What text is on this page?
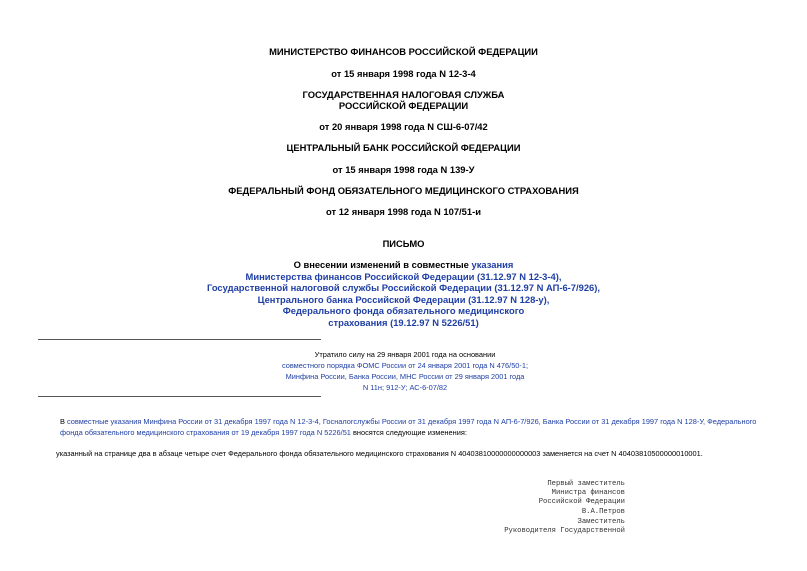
МИНИСТЕРСТВО ФИНАНСОВ РОССИЙСКОЙ ФЕДЕРАЦИИ
от 15 января 1998 года N 12-3-4
ГОСУДАРСТВЕННАЯ НАЛОГОВАЯ СЛУЖБА
РОССИЙСКОЙ ФЕДЕРАЦИИ
от 20 января 1998 года N СШ-6-07/42
ЦЕНТРАЛЬНЫЙ БАНК РОССИЙСКОЙ ФЕДЕРАЦИИ
от 15 января 1998 года N 139-У
ФЕДЕРАЛЬНЫЙ ФОНД ОБЯЗАТЕЛЬНОГО МЕДИЦИНСКОГО СТРАХОВАНИЯ
от 12 января 1998 года N 107/51-и
ПИСЬМО
О внесении изменений в совместные указания
Министерства финансов Российской Федерации (31.12.97 N 12-3-4),
Государственной налоговой службы Российской Федерации (31.12.97 N АП-6-7/926),
Центрального банка Российской Федерации (31.12.97 N 128-у),
Федерального фонда обязательного медицинского
страхования (19.12.97 N 5226/51)
Утратило силу на 29 января 2001 года на основании
совместного порядка ФОМС России от 24 января 2001 года N 476/50-1;
Минфина России, Банка России, МНС России от 29 января 2001 года
N 11н; 912-У; АС-6-07/82
В совместные указания Минфина России от 31 декабря 1997 года N 12-3-4, Госналогслужбы России от 31 декабря 1997 года N АП-6-7/926, Банка России от 31 декабря 1997 года N 128-У, Федерального фонда обязательного медицинского страхования от 19 декабря 1997 года N 5226/51 вносятся следующие изменения:
указанный на странице два в абзаце четыре счет Федерального фонда обязательного медицинского страхования N 40403810000000000003 заменяется на счет N 40403810500000010001.
Первый заместитель
Министра финансов
Российской Федерации
В.А.Петров
Заместитель
Руководителя Государственной
